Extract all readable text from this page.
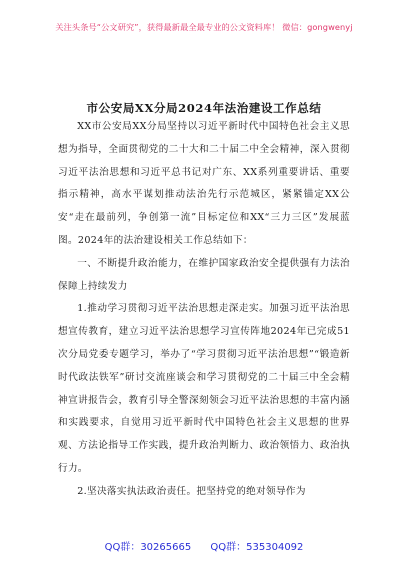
关注头条号“公文研究”，获得最新最全最专业的公文资料库！ 微信：gongwenyj
市公安局XX分局2024年法治建设工作总结

XX市公安局XX分局坚持以习近平新时代中国特色社会主义思想为指导，全面贯彻党的二十大和二十届二中全会精神，深入贯彻习近平法治思想和习近平总书记对广东、XX系列重要讲话、重要指示精神，高水平谋划推动法治先行示范城区，紧紧锚定XX公安“走在最前列，争创第一流”目标定位和XX“三力三区”发展蓝图。2024年的法治建设相关工作总结如下：

一、不断提升政治能力，在维护国家政治安全提供强有力法治保障上持续发力

1.推动学习贯彻习近平法治思想走深走实。加强习近平法治思想宣传教育，建立习近平法治思想学习宣传阵地2024年已完成51次分局党委专题学习，举办了“学习贯彻习近平法治思想”“锻造新时代政法铁军”研讨交流座谈会和学习贯彻党的二十届三中全会精神宣讲报告会，教育引导全警深刻领会习近平法治思想的丰富内涵和实践要求，自觉用习近平新时代中国特色社会主义思想的世界观、方法论指导工作实践，提升政治判断力、政治领悟力、政治执行力。

2.坚决落实执法政治责任。把坚持党的绝对领导作为

QQ群：30265665 QQ群：535304092
